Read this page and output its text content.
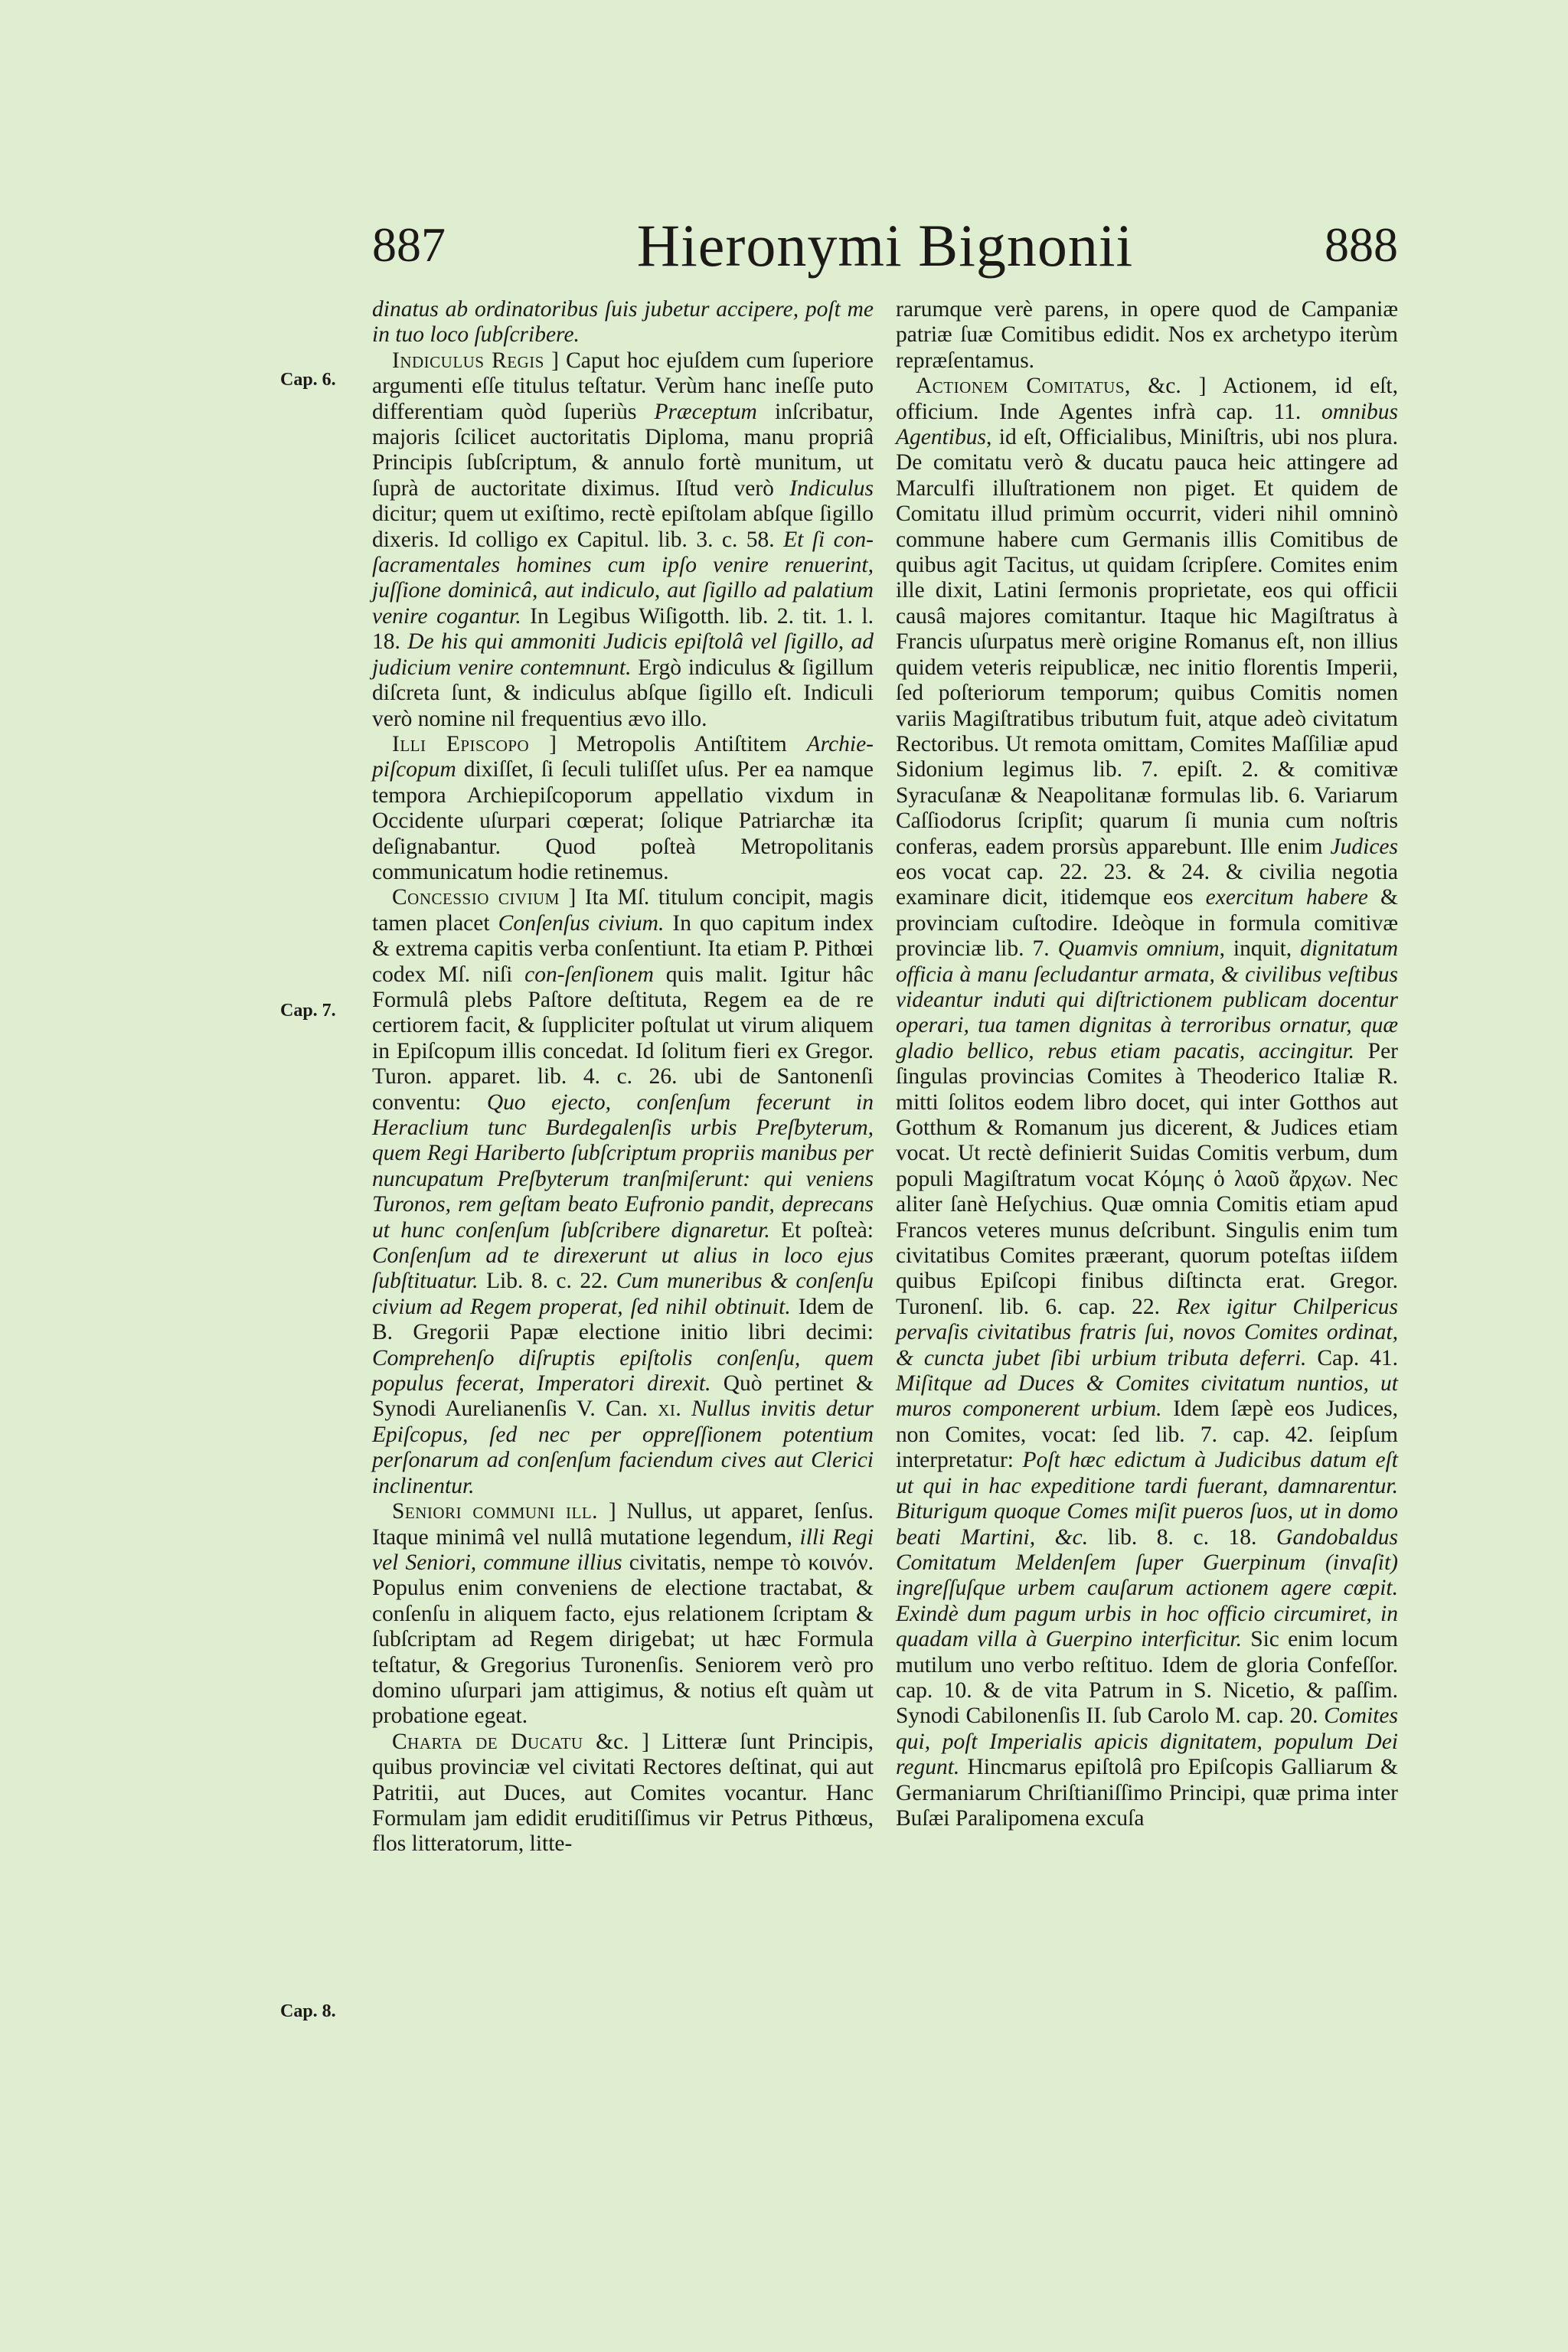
887	Hieronymi Bignonii	888
Cap. 6.
Cap. 7.
Cap. 8.

dinatus ab ordinatoribus ſuis jubetur accipere, poſt me in tuo loco ſubſcribere.

Indiculus Regis ] Caput hoc ejuſdem cum ſuperiore argumenti eſſe titulus teſtatur. Verùm hanc ineſſe puto differentiam quòd ſuperiùs Præceptum inſcribatur, majoris ſcilicet auctoritatis Diploma, manu propriâ Principis ſubſcriptum, & annulo fortè munitum, ut ſuprà de auctoritate diximus. Iſtud verò Indiculus dicitur; quem ut exiſtimo, rectè epiſtolam abſque ſigillo dixeris. Id colligo ex Capitul. lib. 3. c. 58. Et ſi con-ſacramentales homines cum ipſo venire renuerint, juſſione dominicâ, aut indiculo, aut ſigillo ad palatium venire cogantur. In Legibus Wiſigotth. lib. 2. tit. 1. l. 18. De his qui ammoniti Judicis epiſtolâ vel ſigillo, ad judicium venire contemnunt. Ergò indiculus & ſigillum diſcreta ſunt, & indiculus abſque ſigillo eſt. Indiculi verò nomine nil frequentius ævo illo.

Illi Episcopo ] Metropolis Antiſtitem Archie-piſcopum dixiſſet, ſi ſeculi tuliſſet uſus. Per ea namque tempora Archiepiſcoporum appellatio vixdum in Occidente uſurpari cœperat; ſolique Patriarchæ ita deſignabantur. Quod poſteà Metropolitanis communicatum hodie retinemus.

Concessio civium ] Ita Mſ. titulum concipit, magis tamen placet Conſenſus civium. In quo capitum index & extrema capitis verba conſentiunt. Ita etiam P. Pithœi codex Mſ. niſi con-ſenſionem quis malit. Igitur hâc Formulâ plebs Paſtore deſtituta, Regem ea de re certiorem facit, & ſuppliciter poſtulat ut virum aliquem in Epiſcopum illis concedat. Id ſolitum fieri ex Gregor. Turon. apparet. lib. 4. c. 26. ubi de Santonenſi conventu: Quo ejecto, conſenſum fecerunt in Heraclium tunc Burdegalenſis urbis Preſbyterum, quem Regi Hariberto ſubſcriptum propriis manibus per nuncupatum Preſbyterum tranſmiſerunt: qui veniens Turonos, rem geſtam beato Eufronio pandit, deprecans ut hunc conſenſum ſubſcribere dignaretur. Et poſteà: Conſenſum ad te direxerunt ut alius in loco ejus ſubſtituatur. Lib. 8. c. 22. Cum muneribus & conſenſu civium ad Regem properat, ſed nihil obtinuit. Idem de B. Gregorii Papæ electione initio libri decimi: Comprehenſo diſruptis epiſtolis conſenſu, quem populus fecerat, Imperatori direxit. Quò pertinet & Synodi Aurelianenſis V. Can. xi. Nullus invitis detur Epiſcopus, ſed nec per oppreſſionem potentium perſonarum ad conſenſum faciendum cives aut Clerici inclinentur.

Seniori communi ill. ] Nullus, ut apparet, ſenſus. Itaque minimâ vel nullâ mutatione legendum, illi Regi vel Seniori, commune illius civitatis, nempe τὸ κοινόν. Populus enim conveniens de electione tractabat, & conſenſu in aliquem facto, ejus relationem ſcriptam & ſubſcriptam ad Regem dirigebat; ut hæc Formula teſtatur, & Gregorius Turonenſis. Seniorem verò pro domino uſurpari jam attigimus, & notius eſt quàm ut probatione egeat.

Charta de Ducatu &c. ] Litteræ ſunt Principis, quibus provinciæ vel civitati Rectores deſtinat, qui aut Patritii, aut Duces, aut Comites vocantur. Hanc Formulam jam edidit eruditiſſimus vir Petrus Pithœus, flos litteratorum, litte-

rarumque verè parens, in opere quod de Campaniæ patriæ ſuæ Comitibus edidit. Nos ex archetypo iterùm repræſentamus.

Actionem Comitatus, &c. ] Actionem, id eſt, officium. Inde Agentes infrà cap. 11. omnibus Agentibus, id eſt, Officialibus, Miniſtris, ubi nos plura. De comitatu verò & ducatu pauca heic attingere ad Marculfi illuſtrationem non piget. Et quidem de Comitatu illud primùm occurrit, videri nihil omninò commune habere cum Germanis illis Comitibus de quibus agit Tacitus, ut quidam ſcripſere. Comites enim ille dixit, Latini ſermonis proprietate, eos qui officii causâ majores comitantur. Itaque hic Magiſtratus à Francis uſurpatus merè origine Romanus eſt, non illius quidem veteris reipublicæ, nec initio florentis Imperii, ſed poſteriorum temporum; quibus Comitis nomen variis Magiſtratibus tributum fuit, atque adeò civitatum Rectoribus. Ut remota omittam, Comites Maſſiliæ apud Sidonium legimus lib. 7. epiſt. 2. & comitivæ Syracuſanæ & Neapolitanæ formulas lib. 6. Variarum Caſſiodorus ſcripſit; quarum ſi munia cum noſtris conferas, eadem prorsùs apparebunt. Ille enim Judices eos vocat cap. 22. 23. & 24. & civilia negotia examinare dicit, itidemque eos exercitum habere & provinciam cuſtodire. Ideòque in formula comitivæ provinciæ lib. 7. Quamvis omnium, inquit, dignitatum officia à manu ſecludantur armata, & civilibus veſtibus videantur induti qui diſtrictionem publicam docentur operari, tua tamen dignitas à terroribus ornatur, quæ gladio bellico, rebus etiam pacatis, accingitur. Per ſingulas provincias Comites à Theoderico Italiæ R. mitti ſolitos eodem libro docet, qui inter Gotthos aut Gotthum & Romanum jus dicerent, & Judices etiam vocat. Ut rectè definierit Suidas Comitis verbum, dum populi Magiſtratum vocat Κόμης ὁ λαοῦ ἄρχων. Nec aliter ſanè Heſychius. Quæ omnia Comitis etiam apud Francos veteres munus deſcribunt. Singulis enim tum civitatibus Comites præerant, quorum poteſtas iiſdem quibus Epiſcopi finibus diſtincta erat. Gregor. Turonenſ. lib. 6. cap. 22. Rex igitur Chilpericus pervaſis civitatibus fratris ſui, novos Comites ordinat, & cuncta jubet ſibi urbium tributa deferri. Cap. 41. Miſitque ad Duces & Comites civitatum nuntios, ut muros componerent urbium. Idem ſæpè eos Judices, non Comites, vocat: ſed lib. 7. cap. 42. ſeipſum interpretatur: Poſt hæc edictum à Judicibus datum eſt ut qui in hac expeditione tardi fuerant, damnarentur. Biturigum quoque Comes miſit pueros ſuos, ut in domo beati Martini, &c. lib. 8. c. 18. Gandobaldus Comitatum Meldenſem ſuper Guerpinum (invaſit) ingreſſuſque urbem cauſarum actionem agere cœpit. Exindè dum pagum urbis in hoc officio circumiret, in quadam villa à Guerpino interficitur. Sic enim locum mutilum uno verbo reſtituo. Idem de gloria Confeſſor. cap. 10. & de vita Patrum in S. Nicetio, & paſſim. Synodi Cabilonenſis II. ſub Carolo M. cap. 20. Comites qui, poſt Imperialis apicis dignitatem, populum Dei regunt. Hincmarus epiſtolâ pro Epiſcopis Galliarum & Germaniarum Chriſtianiſſimo Principi, quæ prima inter Buſæi Paralipomena excuſa
